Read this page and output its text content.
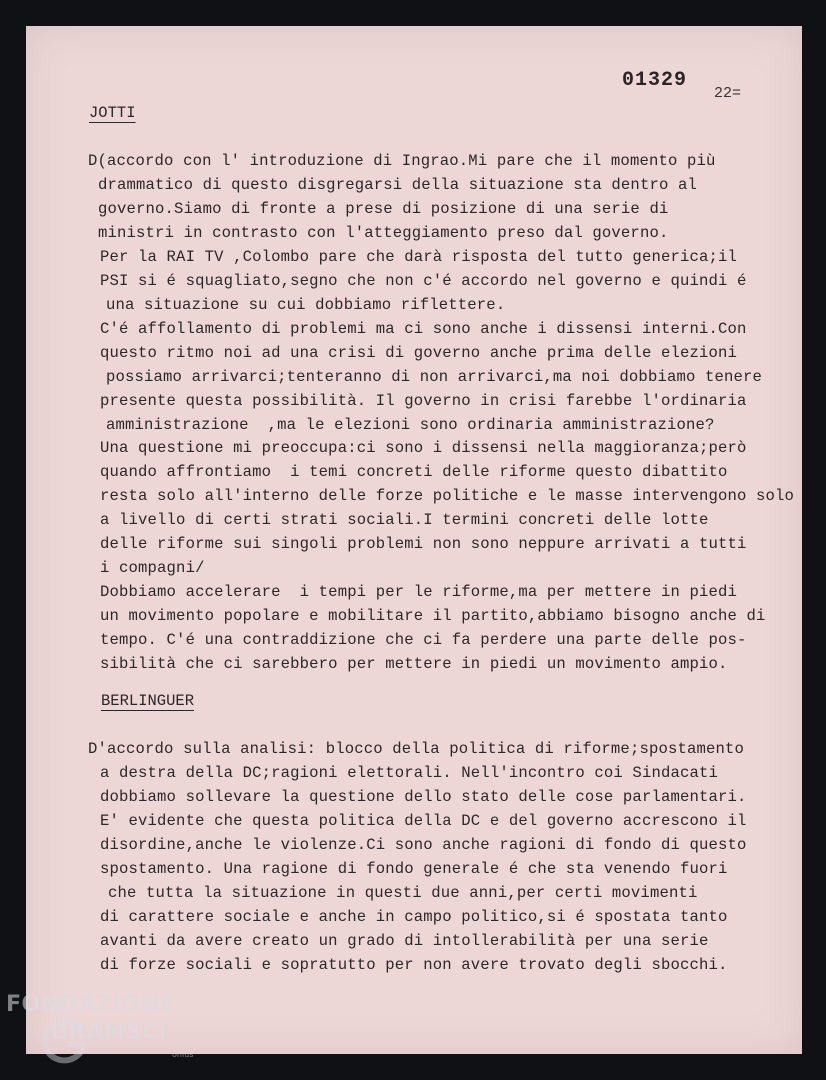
01329
22=
JOTTI
D(accordo con l' introduzione di Ingrao.Mi pare che il momento più
drammatico di questo disgregarsi della situazione sta dentro al
governo.Siamo di fronte a prese di posizione di una serie di
ministri in contrasto con l'atteggiamento preso dal governo.
Per la RAI TV ,Colombo pare che darà risposta del tutto generica;il
PSI si é squagliato,segno che non c'é accordo nel governo e quindi é
una situazione su cui dobbiamo riflettere.
C'é affollamento di problemi ma ci sono anche i dissensi interni.Con
questo ritmo noi ad una crisi di governo anche prima delle elezioni
possiamo arrivarci;tenteranno di non arrivarci,ma noi dobbiamo tenere
presente questa possibilità. Il governo in crisi farebbe l'ordinaria
amministrazione  ,ma le elezioni sono ordinaria amministrazione?
Una questione mi preoccupa:ci sono i dissensi nella maggioranza;però
quando affrontiamo  i temi concreti delle riforme questo dibattito
resta solo all'interno delle forze politiche e le masse intervengono solo
a livello di certi strati sociali.I termini concreti delle lotte
delle riforme sui singoli problemi non sono neppure arrivati a tutti
i compagni/
Dobbiamo accelerare  i tempi per le riforme,ma per mettere in piedi
un movimento popolare e mobilitare il partito,abbiamo bisogno anche di
tempo. C'é una contraddizione che ci fa perdere una parte delle pos-
sibilità che ci sarebbero per mettere in piedi un movimento ampio.
BERLINGUER
D'accordo sulla analisi: blocco della politica di riforme;spostamento
a destra della DC;ragioni elettorali. Nell'incontro coi Sindacati
dobbiamo sollevare la questione dello stato delle cose parlamentari.
E' evidente che questa politica della DC e del governo accrescono il
disordine,anche le violenze.Ci sono anche ragioni di fondo di questo
spostamento. Una ragione di fondo generale é che sta venendo fuori
che tutta la situazione in questi due anni,per certi movimenti
di carattere sociale e anche in campo politico,si é spostata tanto
avanti da avere creato un grado di intollerabilità per una serie
di forze sociali e sopratutto per non avere trovato degli sbocchi.
FONDAZIONE
GRAMSCI
onlus
